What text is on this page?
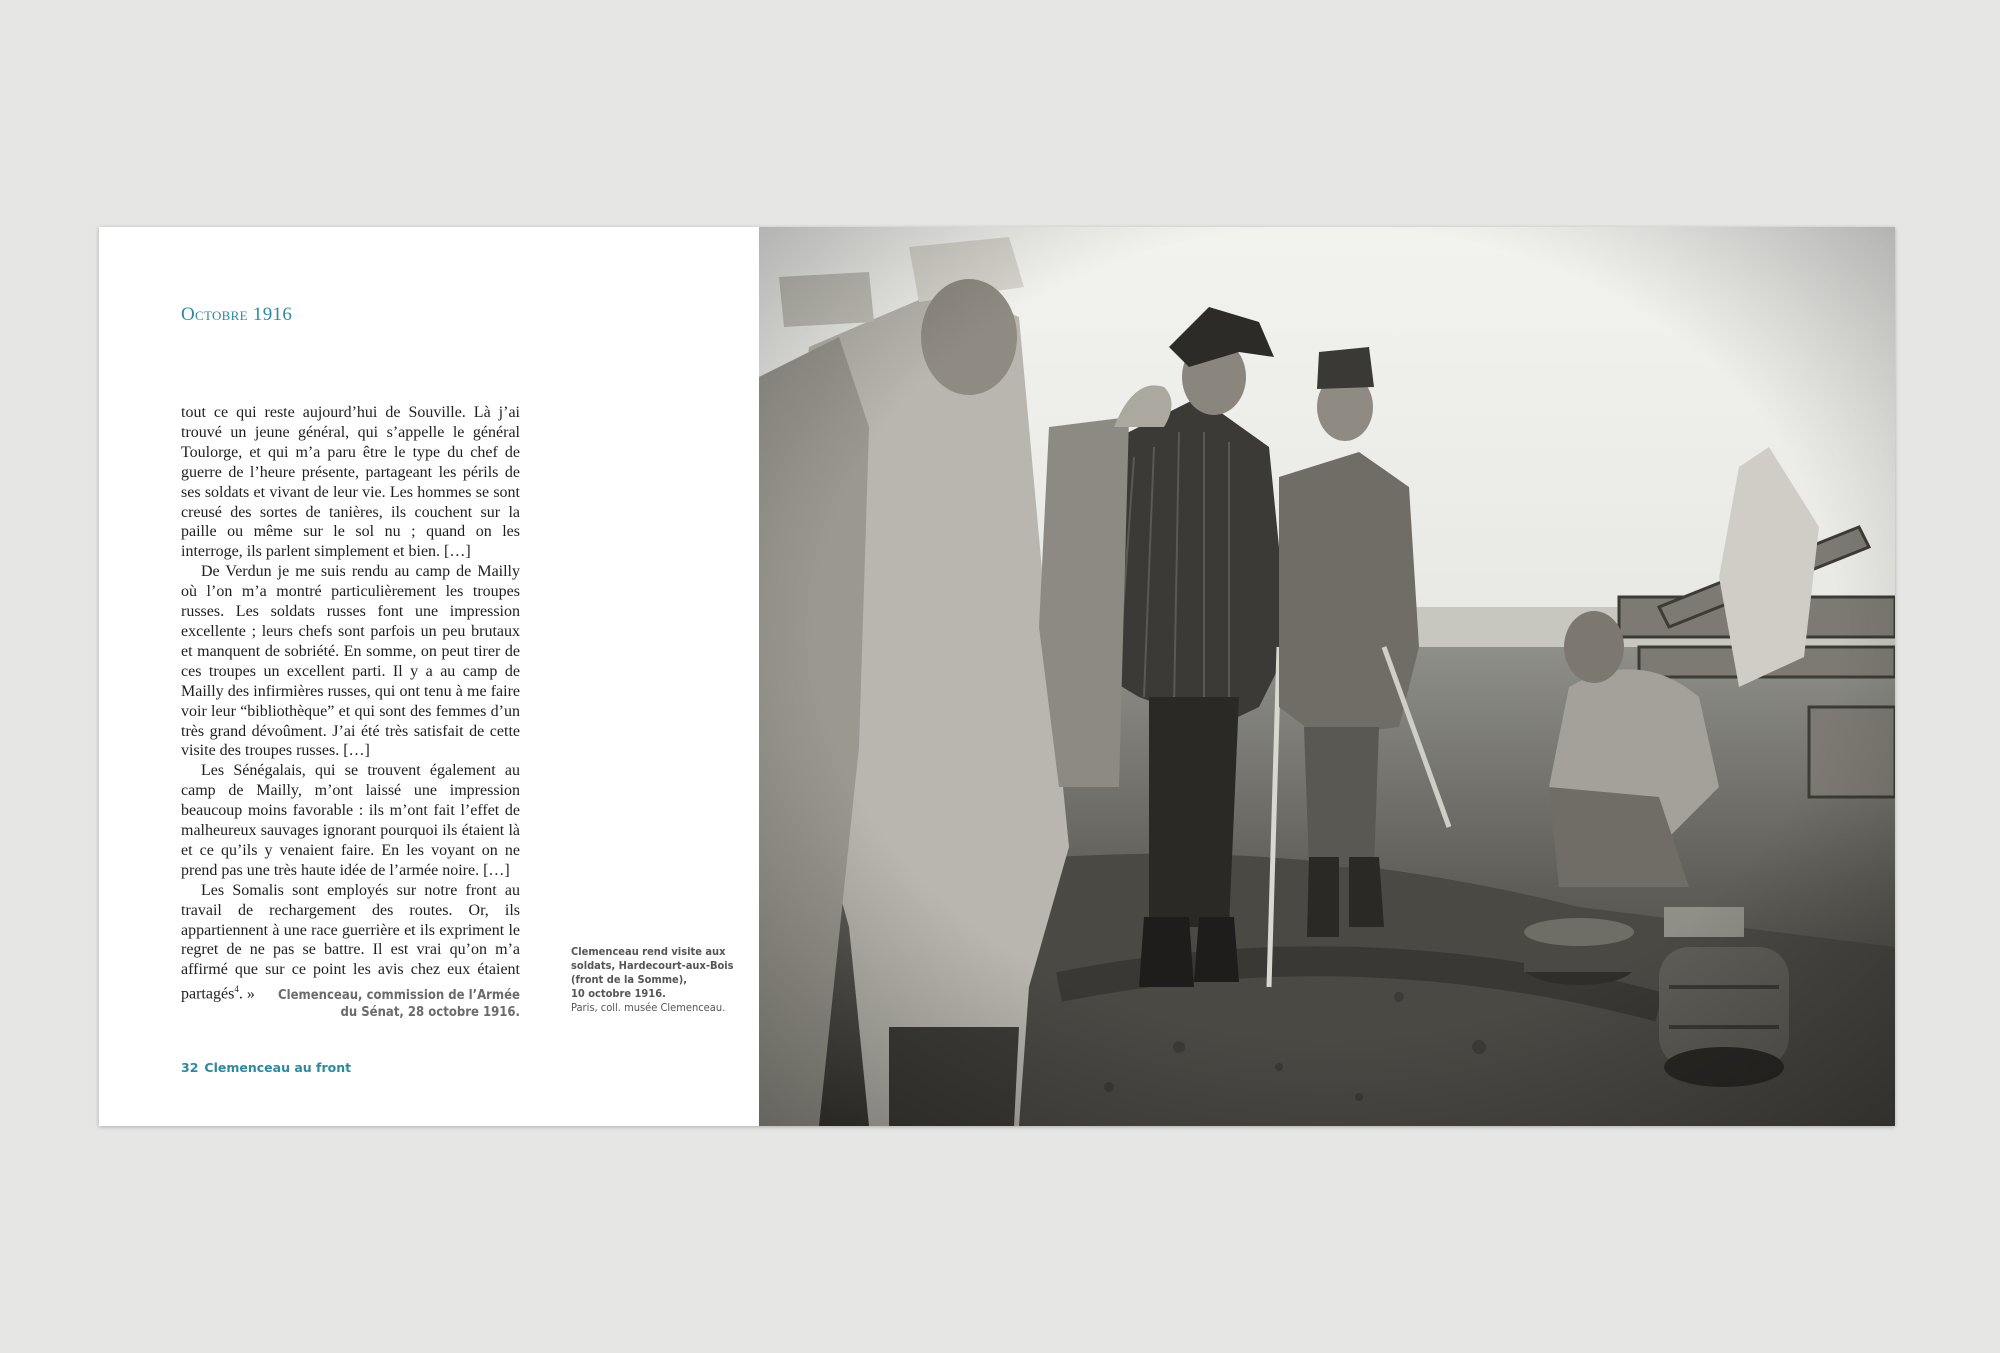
Octobre 1916

tout ce qui reste aujourd’hui de Souville. Là j’ai trouvé un jeune général, qui s’appelle le général Toulorge, et qui m’a paru être le type du chef de guerre de l’heure présente, partageant les périls de ses soldats et vivant de leur vie. Les hommes se sont creusé des sortes de tanières, ils couchent sur la paille ou même sur le sol nu ; quand on les interroge, ils parlent simplement et bien. […]

De Verdun je me suis rendu au camp de Mailly où l’on m’a montré particulièrement les troupes russes. Les soldats russes font une impression excellente ; leurs chefs sont parfois un peu brutaux et manquent de sobriété. En somme, on peut tirer de ces troupes un excellent parti. Il y a au camp de Mailly des infirmières russes, qui ont tenu à me faire voir leur “bibliothèque” et qui sont des femmes d’un très grand dévoûment. J’ai été très satisfait de cette visite des troupes russes. […]

Les Sénégalais, qui se trouvent également au camp de Mailly, m’ont laissé une impression beaucoup moins favorable : ils m’ont fait l’effet de malheureux sauvages ignorant pourquoi ils étaient là et ce qu’ils y venaient faire. En les voyant on ne prend pas une très haute idée de l’armée noire. […]

Les Somalis sont employés sur notre front au travail de rechargement des routes. Or, ils appartiennent à une race guerrière et ils expriment le regret de ne pas se battre. Il est vrai qu’on m’a affirmé que sur ce point les avis chez eux étaient partagés$^4$. »	Clemenceau, commission de l’Armée
du Sénat, 28 octobre 1916.
32 Clemenceau au front
Clemenceau rend visite aux
soldats, Hardecourt-aux-Bois
(front de la Somme),
10 octobre 1916.
Paris, coll. musée Clemenceau.
